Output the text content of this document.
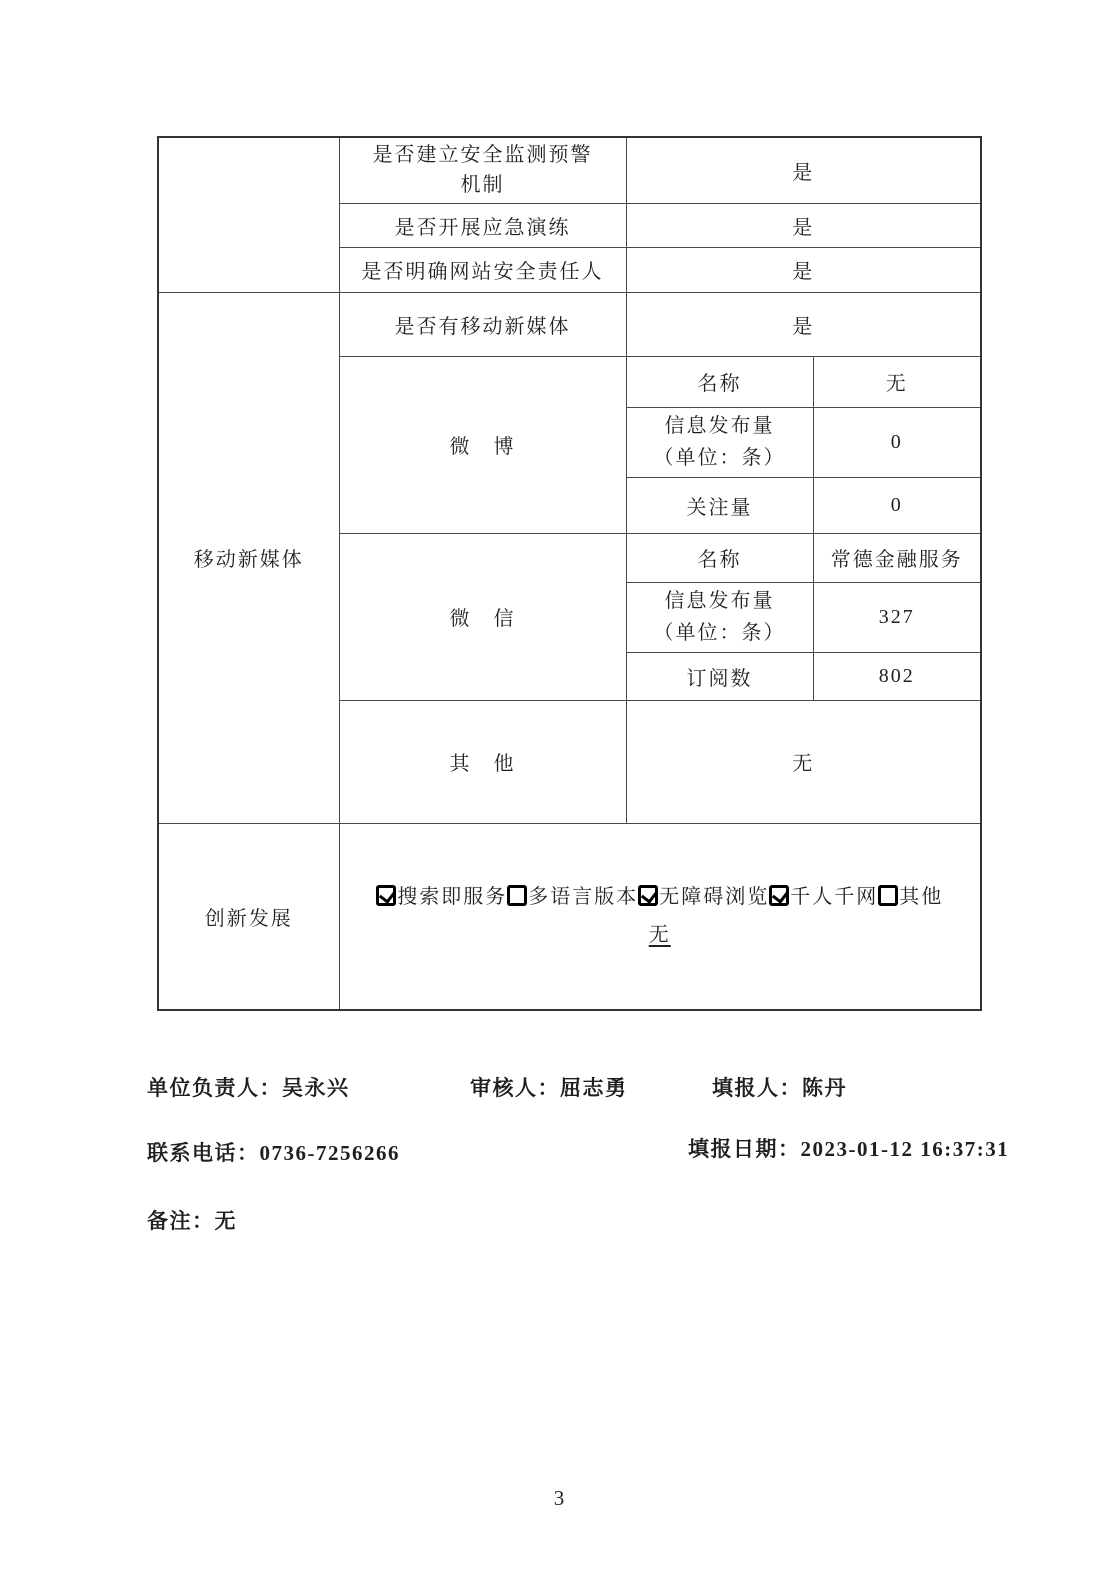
	是否建立安全监测预警
机制	是	
	是否开展应急演练	是	
	是否明确网站安全责任人	是	
移动新媒体	是否有移动新媒体	是	
	微　博	名称	无

		信息发布量
（单位：条）	0
		关注量	0
	微　信	名称	常德金融服务

		信息发布量
（单位：条）	327
		订阅数	802
	其　他	无	
创新发展	搜索即服务 多语言版本 无障碍浏览 千人千网 其他
无		
单位负责人：吴永兴	审核人：屈志勇	填报人：陈丹
联系电话：0736-7256266	填报日期：2023-01-12 16:37:31
备注：无
3
